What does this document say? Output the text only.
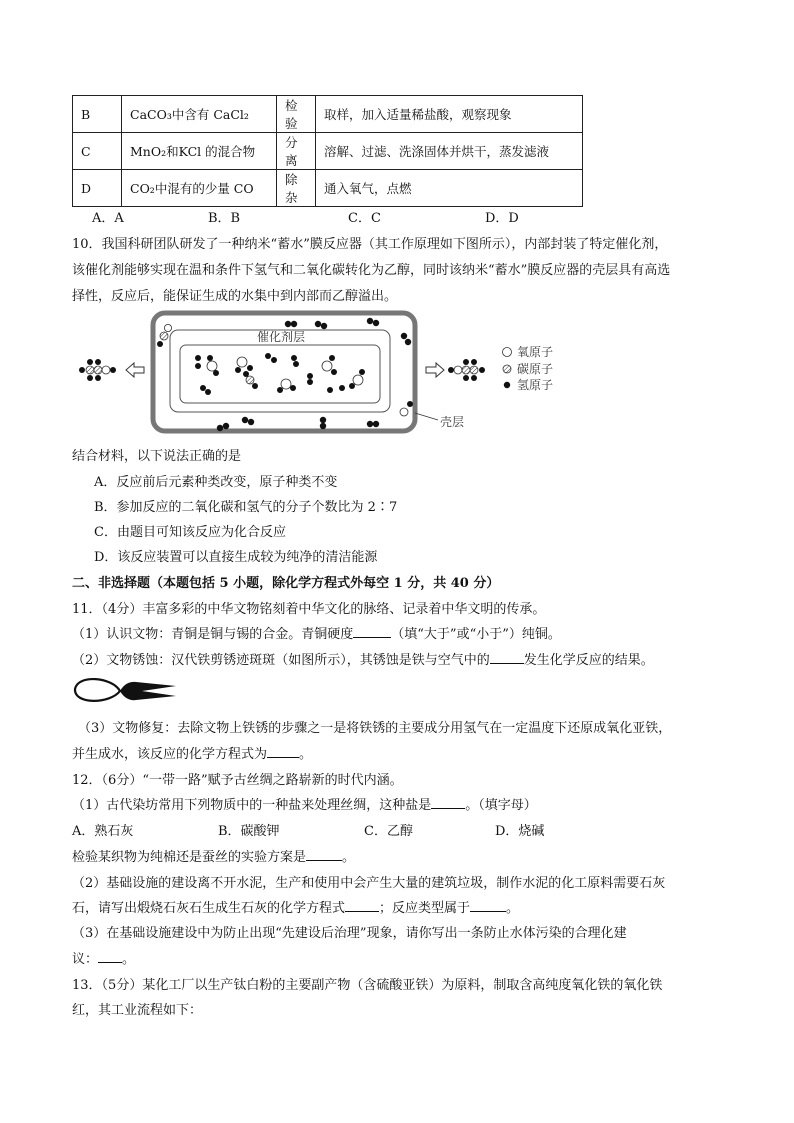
B	CaCO₃中含有 CaCl₂	检验	取样，加入适量稀盐酸，观察现象
C	MnO₂和KCl 的混合物	分离	溶解、过滤、洗涤固体并烘干，蒸发滤液
D	CO₂中混有的少量 CO	除杂	通入氧气，点燃
A．A	B．B	C．C	D．D
10．我国科研团队研发了一种纳米“蓄水”膜反应器（其工作原理如下图所示），内部封装了特定催化剂，
该催化剂能够实现在温和条件下氢气和二氧化碳转化为乙醇，同时该纳米“蓄水”膜反应器的壳层具有高选
择性，反应后，能保证生成的水集中到内部而乙醇溢出。
催化剂层
壳层
氧原子
碳原子
氢原子
结合材料，以下说法正确的是
A．反应前后元素种类改变，原子种类不变
B．参加反应的二氧化碳和氢气的分子个数比为 2∶7
C．由题目可知该反应为化合反应
D．该反应装置可以直接生成较为纯净的清洁能源
二、非选择题（本题包括 5 小题，除化学方程式外每空 1 分，共 40 分）
11．（4分）丰富多彩的中华文物铭刻着中华文化的脉络、记录着中华文明的传承。
（1）认识文物：青铜是铜与锡的合金。青铜硬度	（填“大于”或“小于”）纯铜。
（2）文物锈蚀：汉代铁剪锈迹斑斑（如图所示），其锈蚀是铁与空气中的	发生化学反应的结果。
（3）文物修复：去除文物上铁锈的步骤之一是将铁锈的主要成分用氢气在一定温度下还原成氧化亚铁，
并生成水，该反应的化学方程式为 。
12．（6分）“一带一路”赋予古丝绸之路崭新的时代内涵。
（1）古代染坊常用下列物质中的一种盐来处理丝绸，这种盐是	。（填字母）
A．熟石灰	B．碳酸钾	C．乙醇	D．烧碱
检验某织物为纯棉还是蚕丝的实验方案是	。
（2）基础设施的建设离不开水泥，生产和使用中会产生大量的建筑垃圾，制作水泥的化工原料需要石灰
石，请写出煅烧石灰石生成生石灰的化学方程式	；反应类型属于	。
（3）在基础设施建设中为防止出现“先建设后治理”现象，请你写出一条防止水体污染的合理化建
议： 。
13．（5分）某化工厂以生产钛白粉的主要副产物（含硫酸亚铁）为原料，制取含高纯度氧化铁的氧化铁
红，其工业流程如下：
